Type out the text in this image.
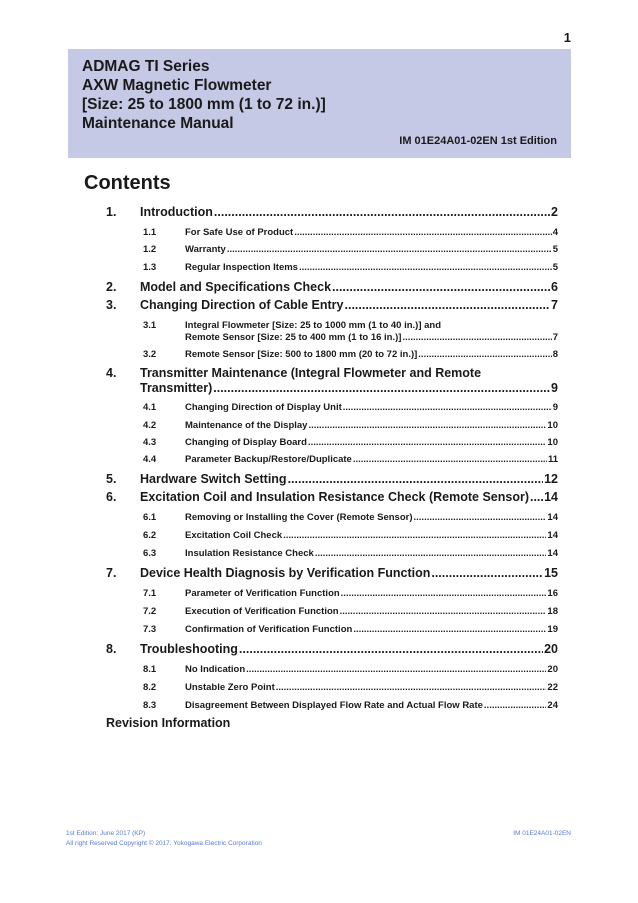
1
ADMAG TI Series
AXW Magnetic Flowmeter
[Size: 25 to 1800 mm (1 to 72 in.)]
Maintenance Manual
IM 01E24A01-02EN 1st Edition
Contents
1.	Introduction .....	2
1.1	For Safe Use of Product .....	4
1.2	Warranty .....	5
1.3	Regular Inspection Items .....	5
2.	Model and Specifications Check .....	6
3.	Changing Direction of Cable Entry .....	7
3.1	Integral Flowmeter [Size: 25 to 1000 mm (1 to 40 in.)] and
Remote Sensor [Size: 25 to 400 mm (1 to 16 in.)] .....	7
3.2	Remote Sensor [Size: 500 to 1800 mm (20 to 72 in.)] .....	8
4. Transmitter Maintenance (Integral Flowmeter and Remote
Transmitter) .....	9
4.1	Changing Direction of Display Unit .....	9
4.2	Maintenance of the Display .....	10
4.3	Changing of Display Board .....	10
4.4	Parameter Backup/Restore/Duplicate .....	11
5.	Hardware Switch Setting .....	12
6.	Excitation Coil and Insulation Resistance Check (Remote Sensor) ..... 14
6.1	Removing or Installing the Cover (Remote Sensor) .....	14
6.2	Excitation Coil Check .....	14
6.3	Insulation Resistance Check .....	14
7.	Device Health Diagnosis by Verification Function .....	15
7.1	Parameter of Verification Function .....	16
7.2	Execution of Verification Function .....	18
7.3	Confirmation of Verification Function .....	19
8.	Troubleshooting .....	20
8.1	No Indication .....	20
8.2	Unstable Zero Point .....	22
8.3	Disagreement Between Displayed Flow Rate and Actual Flow Rate .....	24
Revision Information
1st Edition: June 2017 (KP)
All right Reserved Copyright © 2017, Yokogawa Electric Corporation
IM 01E24A01-02EN
